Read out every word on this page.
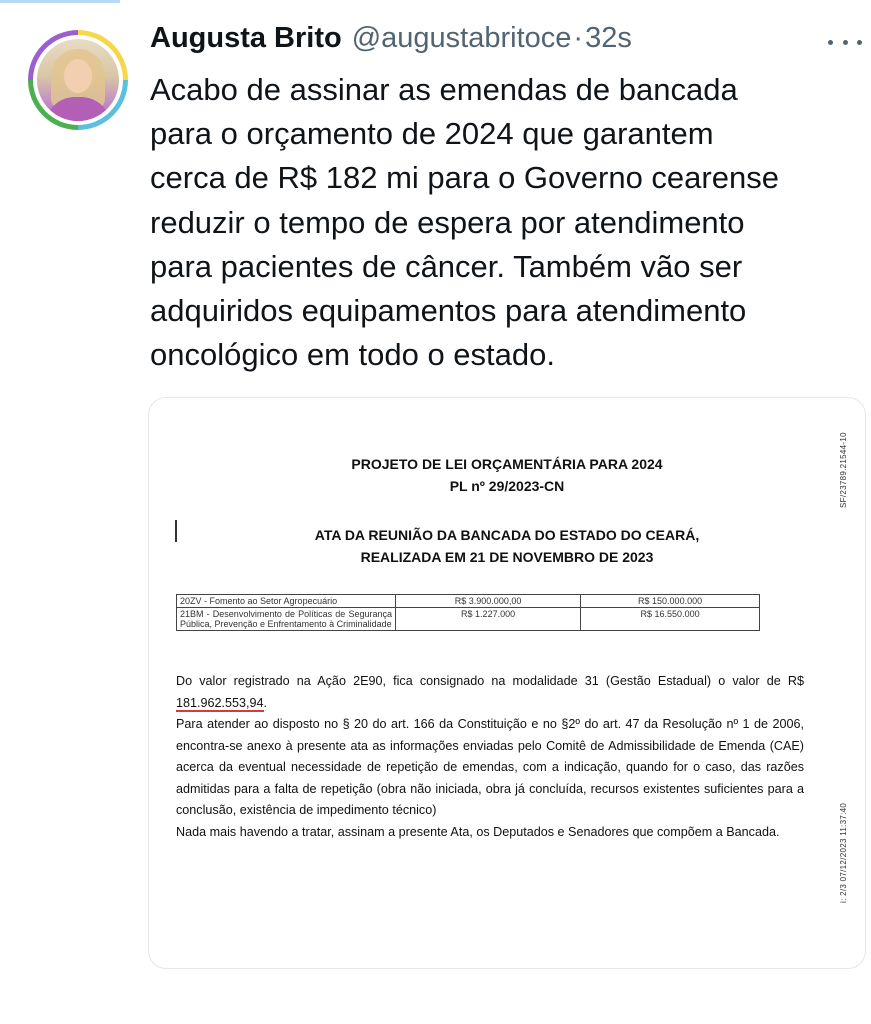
Augusta Brito @augustabritoce · 32s
Acabo de assinar as emendas de bancada
para o orçamento de 2024 que garantem
cerca de R$ 182 mi para o Governo cearense
reduzir o tempo de espera por atendimento
para pacientes de câncer. Também vão ser
adquiridos equipamentos para atendimento
oncológico em todo o estado.
PROJETO DE LEI ORÇAMENTÁRIA PARA 2024
PL nº 29/2023-CN
ATA DA REUNIÃO DA BANCADA DO ESTADO DO CEARÁ,
REALIZADA EM 21 DE NOVEMBRO DE 2023
SF/23789.21544-10
i: 2/3 07/12/2023 11:37:40
20ZV - Fomento ao Setor Agropecuário	R$ 3.900.000,00	R$ 150.000.000
21BM - Desenvolvimento de Políticas de Segurança Pública, Prevenção e Enfrentamento à Criminalidade	R$ 1.227.000	R$ 16.550.000

Do valor registrado na Ação 2E90, fica consignado na modalidade 31 (Gestão Estadual) o valor de R$ 181.962.553,94.

Para atender ao disposto no § 20 do art. 166 da Constituição e no §2º do art. 47 da Resolução nº 1 de 2006, encontra-se anexo à presente ata as informações enviadas pelo Comitê de Admissibilidade de Emenda (CAE) acerca da eventual necessidade de repetição de emendas, com a indicação, quando for o caso, das razões admitidas para a falta de repetição (obra não iniciada, obra já concluída, recursos existentes suficientes para a conclusão, existência de impedimento técnico)

Nada mais havendo a tratar, assinam a presente Ata, os Deputados e Senadores que compõem a Bancada.
